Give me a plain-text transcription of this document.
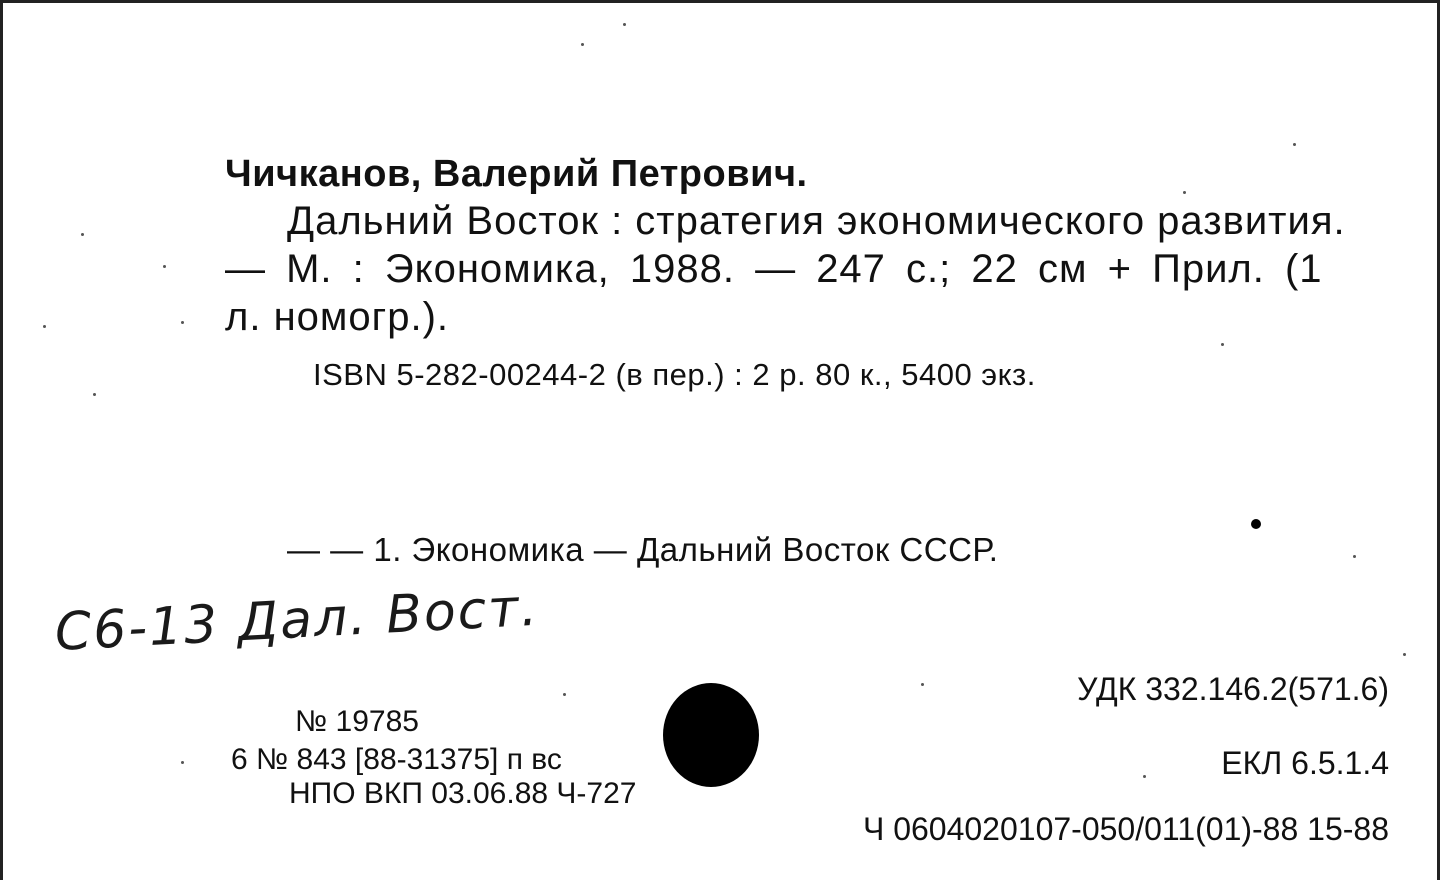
Чичканов, Валерий Петрович.
Дальний Восток : стратегия экономического развития.
— М. : Экономика, 1988. — 247 с.; 22 см + Прил. (1
л. номогр.).
ISBN 5-282-00244-2 (в пер.) : 2 р. 80 к., 5400 экз.
— — 1. Экономика — Дальний Восток СССР.
С6-13 Дал. Вост.
№ 19785
6 № 843 [88-31375] п вс
НПО ВКП 03.06.88 Ч-727
УДК 332.146.2(571.6)
ЕКЛ 6.5.1.4
Ч 0604020107-050/011(01)-88 15-88
